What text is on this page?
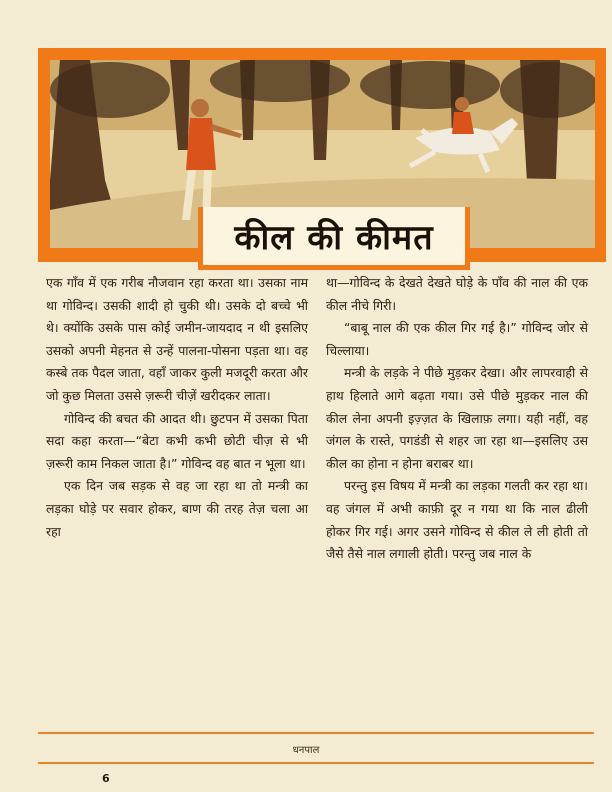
कील की कीमत

एक गाँव में एक गरीब नौजवान रहा करता था। उसका नाम था गोविन्द। उसकी शादी हो चुकी थी। उसके दो बच्चे भी थे। क्योंकि उसके पास कोई जमीन-जायदाद न थी इसलिए उसको अपनी मेहनत से उन्हें पालना-पोसना पड़ता था। वह कस्बे तक पैदल जाता, वहाँ जाकर कुली मजदूरी करता और जो कुछ मिलता उससे ज़रूरी चीज़ें खरीदकर लाता।

गोविन्द की बचत की आदत थी। छुटपन में उसका पिता सदा कहा करता—“बेटा कभी कभी छोटी चीज़ से भी ज़रूरी काम निकल जाता है।” गोविन्द वह बात न भूला था।

एक दिन जब सड़क से वह जा रहा था तो मन्त्री का लड़का घोड़े पर सवार होकर, बाण की तरह तेज़ चला आ रहा

था—गोविन्द के देखते देखते घोड़े के पाँव की नाल की एक कील नीचे गिरी।

“बाबू नाल की एक कील गिर गई है।” गोविन्द जोर से चिल्लाया।

मन्त्री के लड़के ने पीछे मुड़कर देखा। और लापरवाही से हाथ हिलाते आगे बढ़ता गया। उसे पीछे मुड़कर नाल की कील लेना अपनी इज़्ज़त के खिलाफ़ लगा। यही नहीं, वह जंगल के रास्ते, पगडंडी से शहर जा रहा था—इसलिए उस कील का होना न होना बराबर था।

परन्तु इस विषय में मन्त्री का लड़का गलती कर रहा था। वह जंगल में अभी काफ़ी दूर न गया था कि नाल ढीली होकर गिर गई। अगर उसने गोविन्द से कील ले ली होती तो जैसे तैसे नाल लगाली होती। परन्तु जब नाल के

धनपाल
6
